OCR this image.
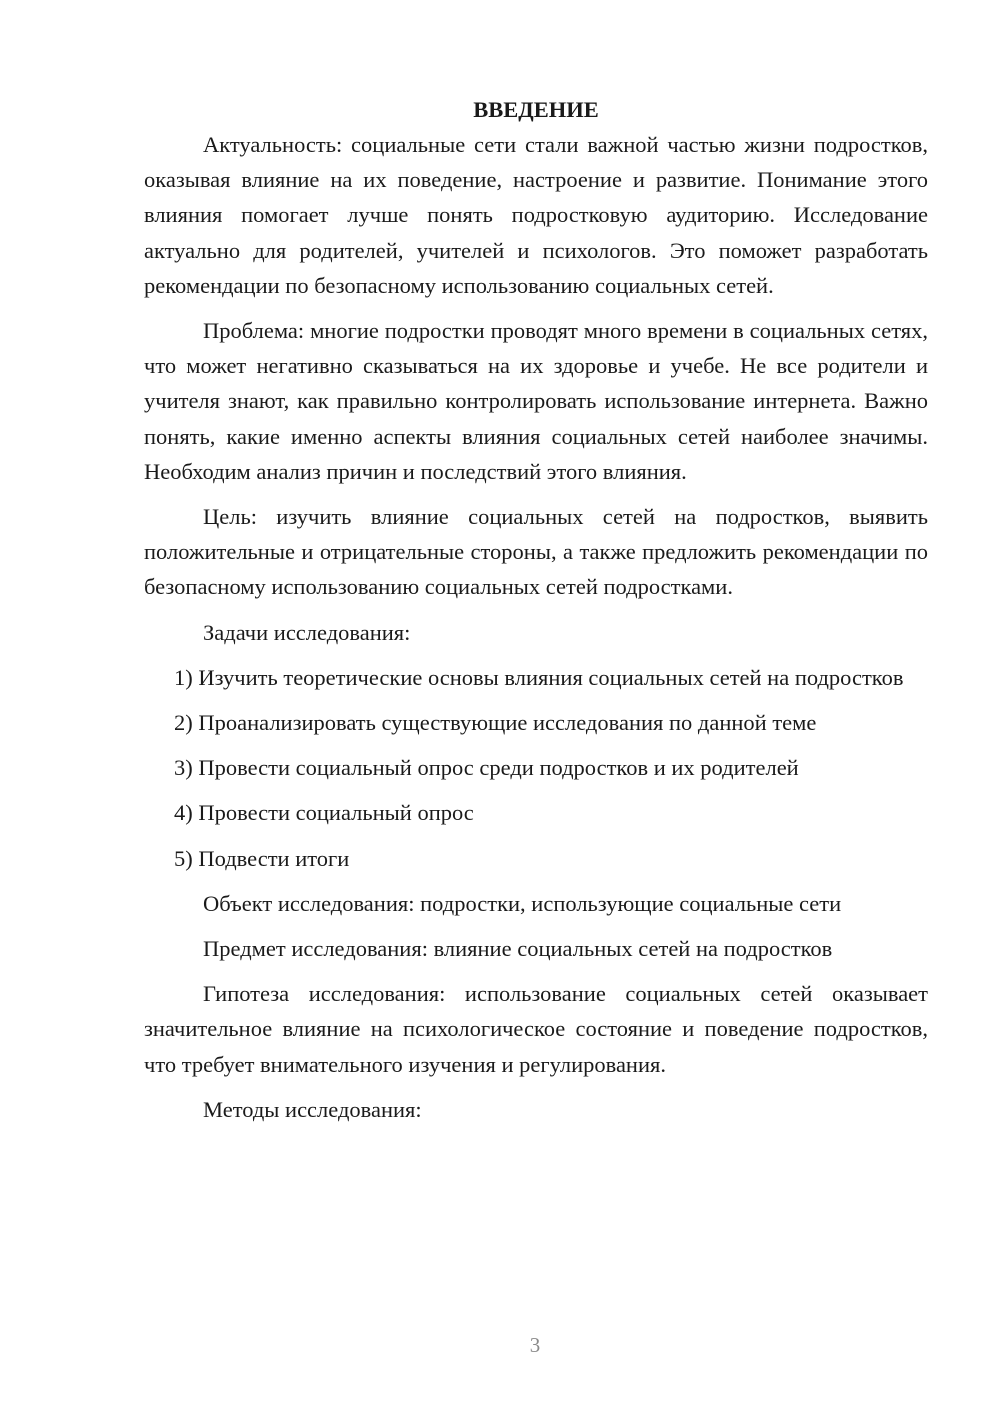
ВВЕДЕНИЕ

Актуальность: социальные сети стали важной частью жизни подростков, оказывая влияние на их поведение, настроение и развитие. Понимание этого влияния помогает лучше понять подростковую аудиторию. Исследование актуально для родителей, учителей и психологов. Это поможет разработать рекомендации по безопасному использованию социальных сетей.

Проблема: многие подростки проводят много времени в социальных сетях, что может негативно сказываться на их здоровье и учебе. Не все родители и учителя знают, как правильно контролировать использование интернета. Важно понять, какие именно аспекты влияния социальных сетей наиболее значимы. Необходим анализ причин и последствий этого влияния.

Цель: изучить влияние социальных сетей на подростков, выявить положительные и отрицательные стороны, а также предложить рекомендации по безопасному использованию социальных сетей подростками.

Задачи исследования:

1) Изучить теоретические основы влияния социальных сетей на подростков

2) Проанализировать существующие исследования по данной теме

3) Провести социальный опрос среди подростков и их родителей

4) Провести социальный опрос

5) Подвести итоги

Объект исследования: подростки, использующие социальные сети

Предмет исследования: влияние социальных сетей на подростков

Гипотеза исследования: использование социальных сетей оказывает значительное влияние на психологическое состояние и поведение подростков, что требует внимательного изучения и регулирования.

Методы исследования:

3
